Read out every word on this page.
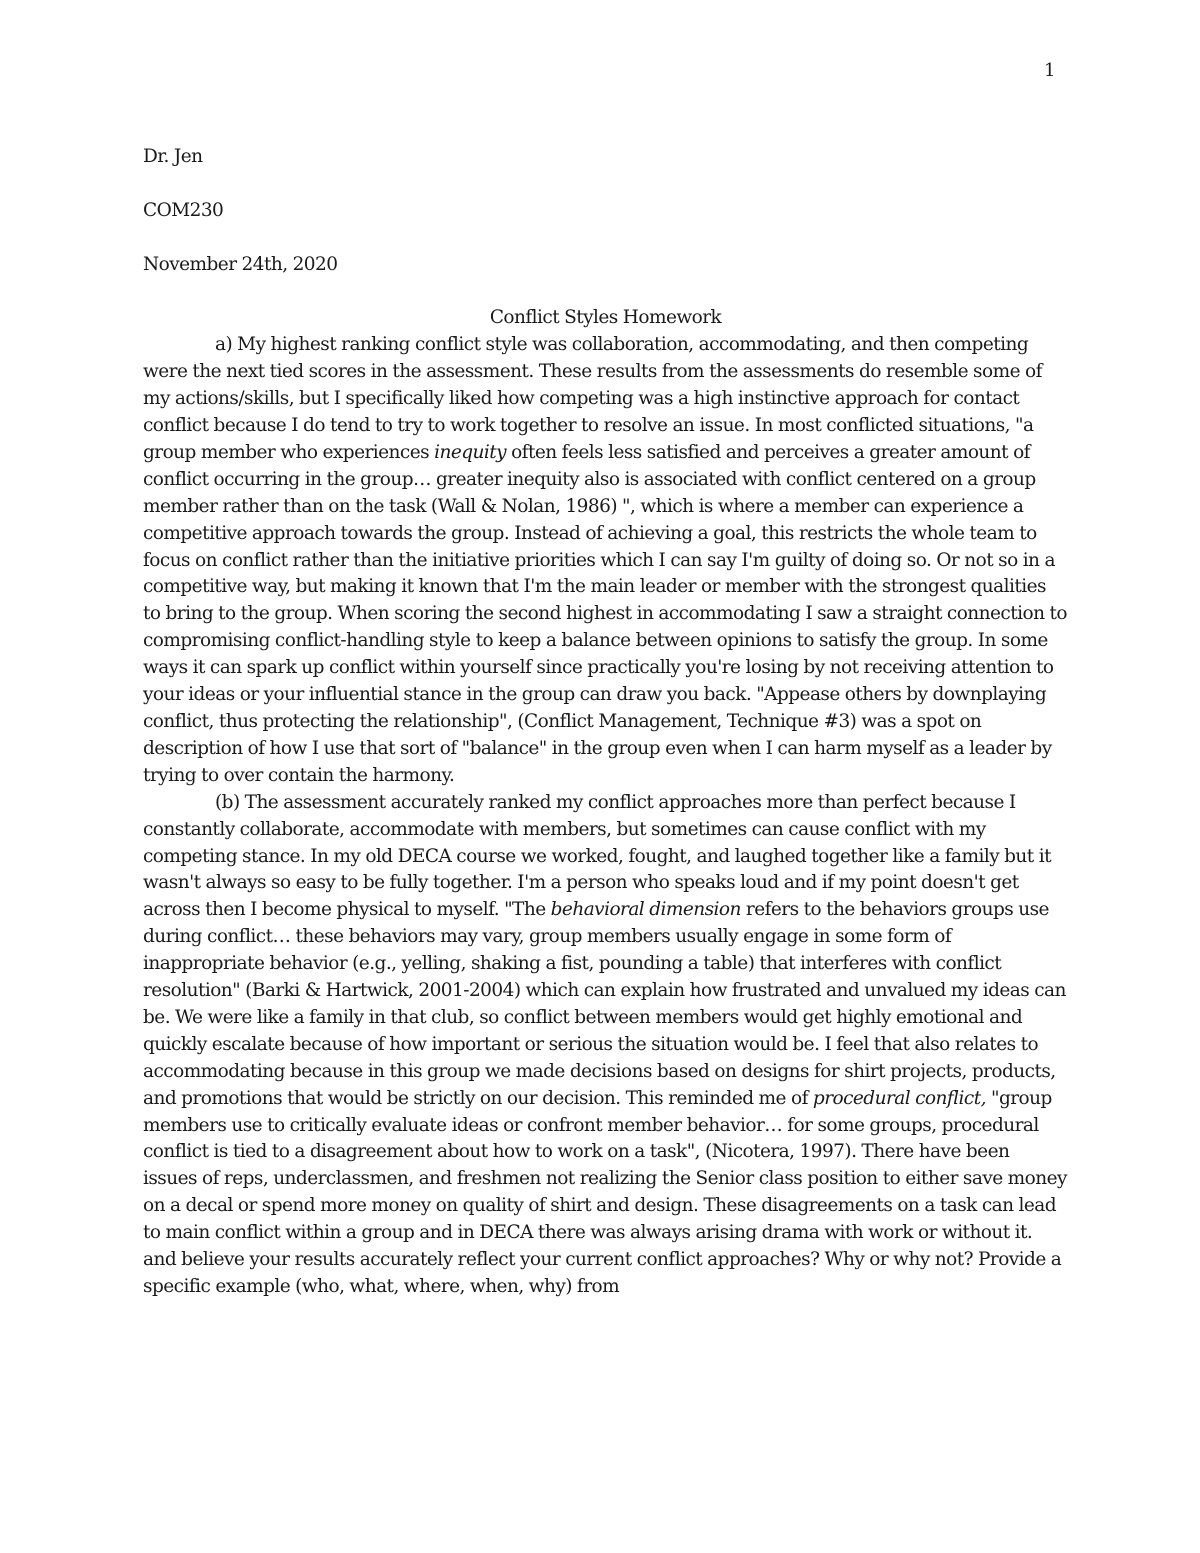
1
Dr. Jen
COM230
November 24th, 2020
Conflict Styles Homework

a) My highest ranking conflict style was collaboration, accommodating, and then competing were the next tied scores in the assessment. These results from the assessments do resemble some of my actions/skills, but I specifically liked how competing was a high instinctive approach for contact conflict because I do tend to try to work together to resolve an issue. In most conflicted situations, "a group member who experiences inequity often feels less satisfied and perceives a greater amount of conflict occurring in the group… greater inequity also is associated with conflict centered on a group member rather than on the task (Wall & Nolan, 1986) ", which is where a member can experience a competitive approach towards the group. Instead of achieving a goal, this restricts the whole team to focus on conflict rather than the initiative priorities which I can say I'm guilty of doing so. Or not so in a competitive way, but making it known that I'm the main leader or member with the strongest qualities to bring to the group. When scoring the second highest in accommodating I saw a straight connection to compromising conflict-handling style to keep a balance between opinions to satisfy the group. In some ways it can spark up conflict within yourself since practically you're losing by not receiving attention to your ideas or your influential stance in the group can draw you back. "Appease others by downplaying conflict, thus protecting the relationship", (Conflict Management, Technique #3) was a spot on description of how I use that sort of "balance" in the group even when I can harm myself as a leader by trying to over contain the harmony.

(b) The assessment accurately ranked my conflict approaches more than perfect because I constantly collaborate, accommodate with members, but sometimes can cause conflict with my competing stance. In my old DECA course we worked, fought, and laughed together like a family but it wasn't always so easy to be fully together. I'm a person who speaks loud and if my point doesn't get across then I become physical to myself. "The behavioral dimension refers to the behaviors groups use during conflict… these behaviors may vary, group members usually engage in some form of inappropriate behavior (e.g., yelling, shaking a fist, pounding a table) that interferes with conflict resolution" (Barki & Hartwick, 2001-2004) which can explain how frustrated and unvalued my ideas can be. We were like a family in that club, so conflict between members would get highly emotional and quickly escalate because of how important or serious the situation would be. I feel that also relates to accommodating because in this group we made decisions based on designs for shirt projects, products, and promotions that would be strictly on our decision. This reminded me of procedural conflict, "group members use to critically evaluate ideas or confront member behavior… for some groups, procedural conflict is tied to a disagreement about how to work on a task", (Nicotera, 1997). There have been issues of reps, underclassmen, and freshmen not realizing the Senior class position to either save money on a decal or spend more money on quality of shirt and design. These disagreements on a task can lead to main conflict within a group and in DECA there was always arising drama with work or without it. and believe your results accurately reflect your current conflict approaches? Why or why not? Provide a specific example (who, what, where, when, why) from
